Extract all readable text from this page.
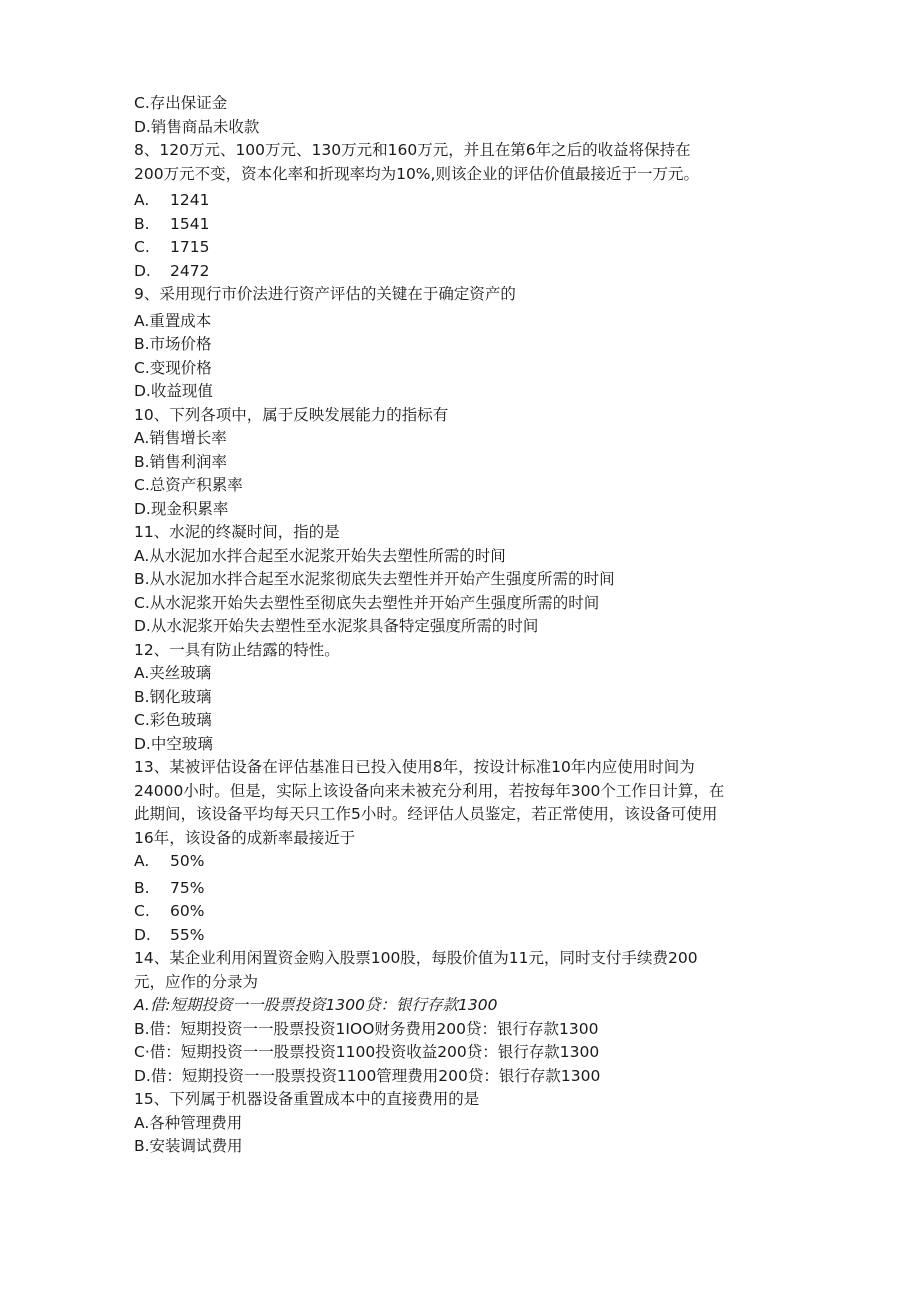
C.存出保证金
D.销售商品未收款
8、120万元、100万元、130万元和160万元，并且在第6年之后的收益将保持在
200万元不变，资本化率和折现率均为10%,则该企业的评估价值最接近于一万元。
A. 1241
B. 1541
C. 1715
D. 2472
9、采用现行市价法进行资产评估的关键在于确定资产的
A.重置成本
B.市场价格
C.变现价格
D.收益现值
10、下列各项中，属于反映发展能力的指标有
A.销售增长率
B.销售利润率
C.总资产积累率
D.现金积累率
11、水泥的终凝时间，指的是
A.从水泥加水拌合起至水泥浆开始失去塑性所需的时间
B.从水泥加水拌合起至水泥浆彻底失去塑性并开始产生强度所需的时间
C.从水泥浆开始失去塑性至彻底失去塑性并开始产生强度所需的时间
D.从水泥浆开始失去塑性至水泥浆具备特定强度所需的时间
12、一具有防止结露的特性。
A.夹丝玻璃
B.钢化玻璃
C.彩色玻璃
D.中空玻璃
13、某被评估设备在评估基准日已投入使用8年，按设计标准10年内应使用时间为
24000小时。但是，实际上该设备向来未被充分利用，若按每年300个工作日计算，在
此期间，该设备平均每天只工作5小时。经评估人员鉴定，若正常使用，该设备可使用
16年，该设备的成新率最接近于
A. 50%
B. 75%
C. 60%
D. 55%
14、某企业利用闲置资金购入股票100股，每股价值为11元，同时支付手续费200
元，应作的分录为
A.借:短期投资一一股票投资1300贷：银行存款1300
B.借：短期投资一一股票投资1IOO财务费用200贷：银行存款1300
C·借：短期投资一一股票投资1100投资收益200贷：银行存款1300
D.借：短期投资一一股票投资1100管理费用200贷：银行存款1300
15、下列属于机器设备重置成本中的直接费用的是
A.各种管理费用
B.安装调试费用
